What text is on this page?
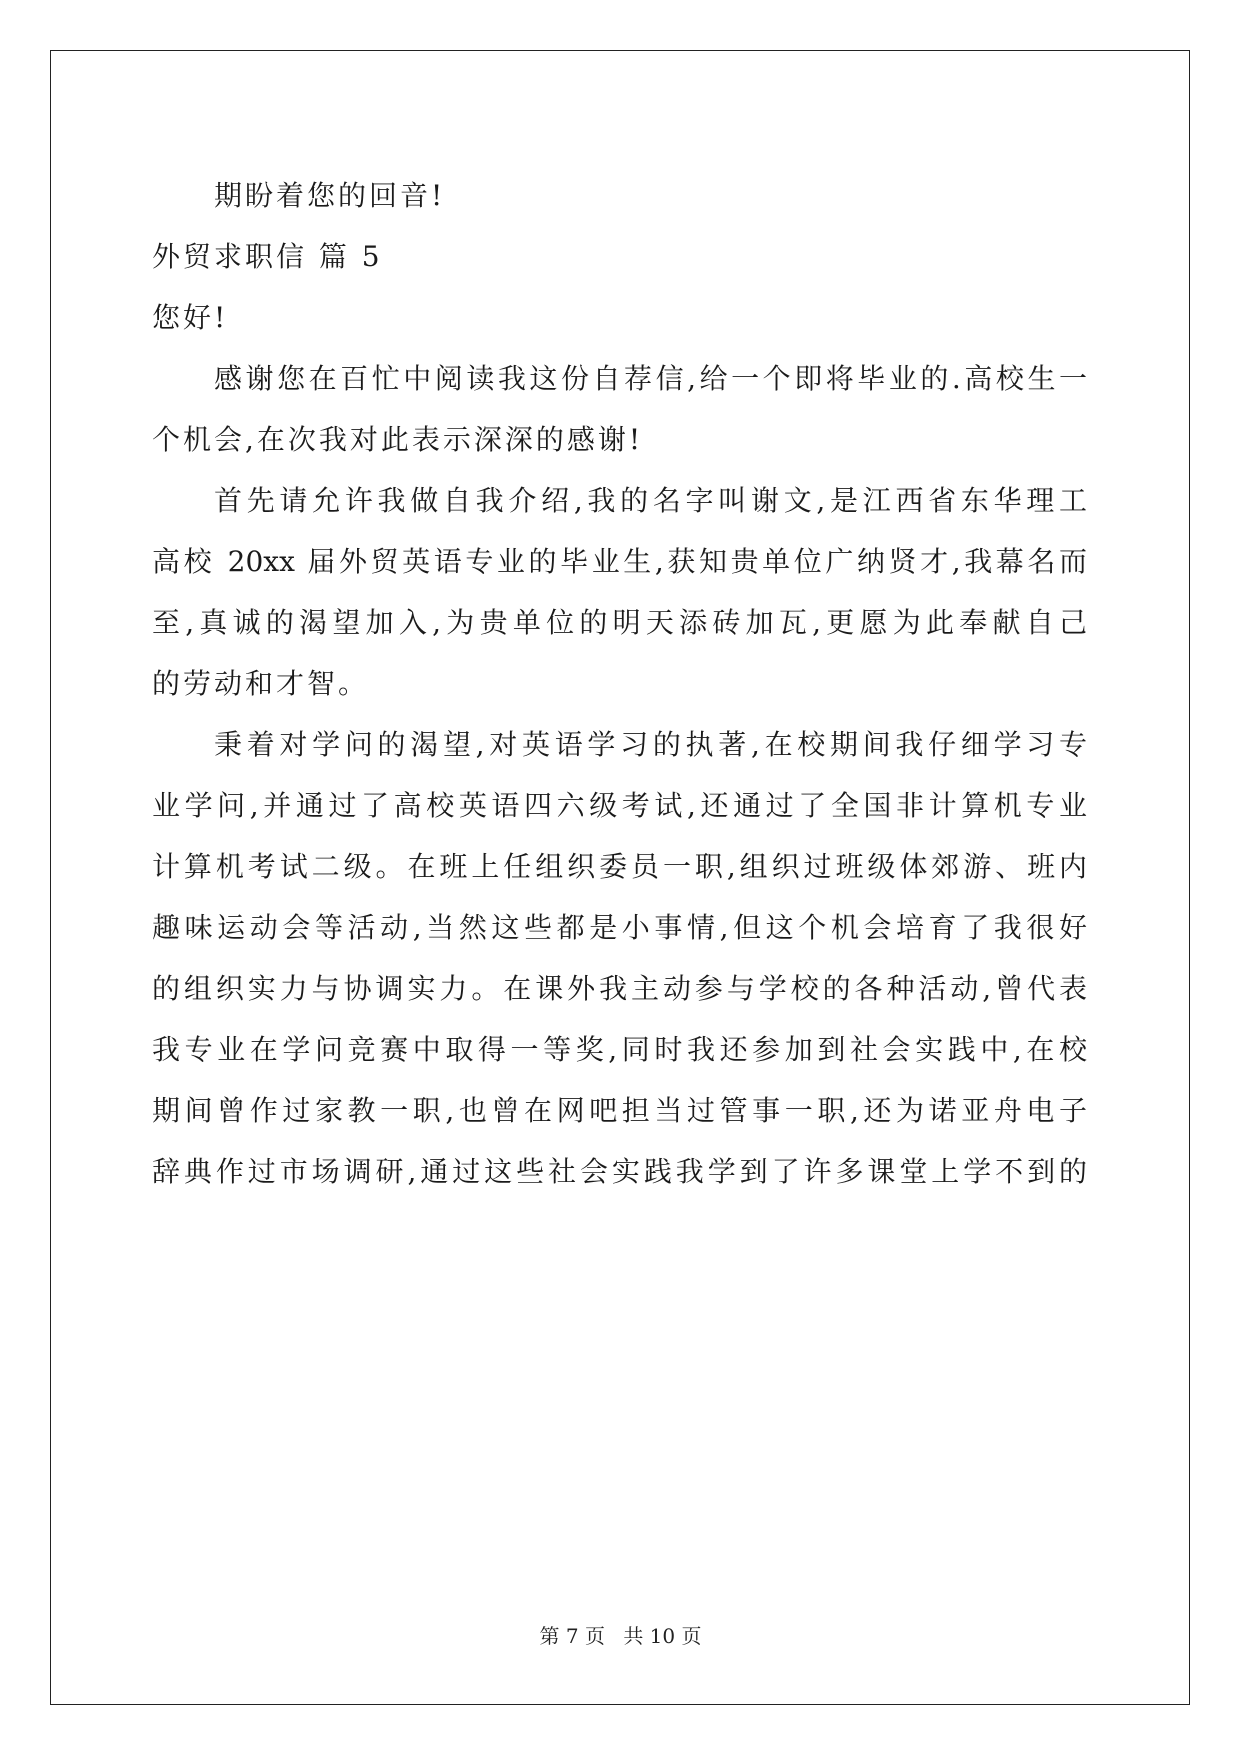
期盼着您的回音!
外贸求职信 篇 5
您好!
感谢您在百忙中阅读我这份自荐信,给一个即将毕业的.高校生一
个机会,在次我对此表示深深的感谢!
首先请允许我做自我介绍,我的名字叫谢文,是江西省东华理工
高校 20xx 届外贸英语专业的毕业生,获知贵单位广纳贤才,我幕名而
至,真诚的渴望加入,为贵单位的明天添砖加瓦,更愿为此奉献自己
的劳动和才智。
秉着对学问的渴望,对英语学习的执著,在校期间我仔细学习专
业学问,并通过了高校英语四六级考试,还通过了全国非计算机专业
计算机考试二级。在班上任组织委员一职,组织过班级体郊游、班内
趣味运动会等活动,当然这些都是小事情,但这个机会培育了我很好
的组织实力与协调实力。在课外我主动参与学校的各种活动,曾代表
我专业在学问竞赛中取得一等奖,同时我还参加到社会实践中,在校
期间曾作过家教一职,也曾在网吧担当过管事一职,还为诺亚舟电子
辞典作过市场调研,通过这些社会实践我学到了许多课堂上学不到的
第 7 页 共 10 页
